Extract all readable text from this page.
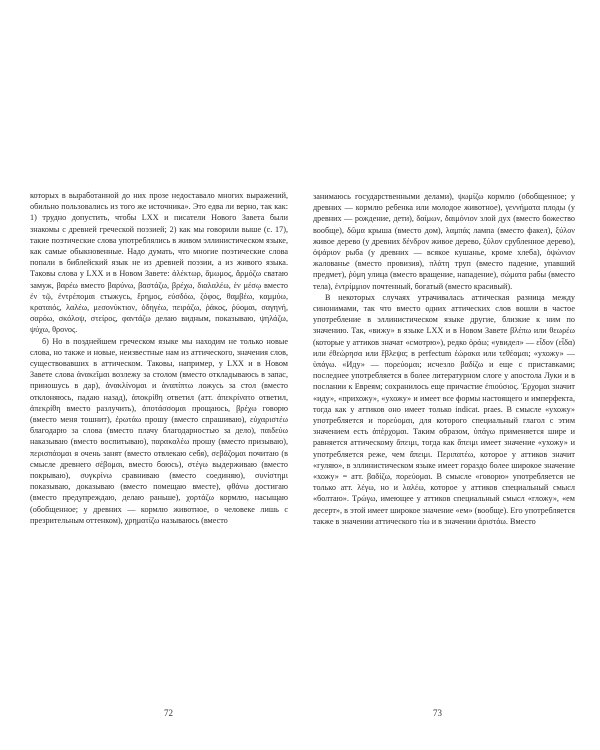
которых в выработанной до них прозе недоставало многих выражений, обильно пользовались из того же источника». Это едва ли верно, так как: 1) трудно допустить, чтобы LXX и писатели Нового Завета были знакомы с древней греческой поэзией; 2) как мы говорили выше (с. 17), такие поэтические слова употреблялись в живом эллинистическом языке, как самые обыкновенные. Надо думать, что многие поэтические слова попали в библейский язык не из древней поэзии, а из живого языка. Таковы слова у LXX и в Новом Завете: ἀλέκτωρ, ἄμωμος, ἄρμόζω сватаю замуж, βαρέω вместо βαρύνω, βαστάζω, βρέχω, διαλαλέω, ἐν μέσῳ вместо ἐν τῷ, ἐντρέπομαι стыжусь, ἔρημος, εὐσδόω, ζόφος, θαμβέω, καμμύω, κραταιός, λαλέω, μεσονύκτιον, ὀδηγέω, πειράζω, ῥάκος, ῥύομαι, σαγηνή, σαρόω, σκόλοψ, στείρος, φαντάζω делаю видным, показываю, ψηλάζω, ψύχω, θρονος.

б) Но в позднейшем греческом языке мы находим не только новые слова, но также и новые, неизвестные нам из аттического, значения слов, существовавших в аттическом. Таковы, например, у LXX и в Новом Завете слова ἀνακεῖμαι возлежу за столом (вместо откладываюсь в запас, приношусь в дар), ἀνακλίνομαι и ἀναπίπτω ложусь за стол (вместо отклоняюсь, падаю назад), ἀποκρίθη ответил (атт. ἀπεκρίνατο ответил, ἀπεκρίθη вместо разлучить), ἀποτάσσομαι прощаюсь, βρέχω говорю (вместо меня тошнит), ἐρωτάω прошу (вместо спрашиваю), εὐχαριστέω благодарю за слова (вместо плачу благодарностью за дело), παιδεύω наказываю (вместо воспитываю), παρακαλέω прошу (вместо призываю), περισπάομαι я очень занят (вместо отвлекаю себя), σεβάζομαι почитаю (в смысле древнего σέβομαι, вместо боюсь), στέγω выдерживаю (вместо покрываю), συγκρίνω сравниваю (вместо соединяю), συνίστημι показываю, доказываю (вместо помещаю вместе), φθάνω достигаю (вместо предупреждаю, делаю раньше), χορτάζω кормлю, насыщаю (обобщенное; у древних — кормлю животное, о человеке лишь с презрительным оттенком), χρηματίζω называюсь (вместо

72

занимаюсь государственными делами), ψωμίζω кормлю (обобщенное; у древних — кормлю ребенка или молодое животное), γεννήματα плоды (у древних — рождение, дети), δαίμων, δαιμόνιον злой дух (вместо божество вообще), δῶμα крыша (вместо дом), λαμπάς лампа (вместо факел), ξύλον живое дерево (у древних δένδρον живое дерево, ξύλον срубленное дерево), ὀψάριον рыба (у древних — всякое кушанье, кроме хлеба), ὀψώνιον жалованье (вместо провизия), πλάτη труп (вместо падение, упавший предмет), ῥύμη улица (вместо вращение, нападение), σώματα рабы (вместо тела), ἐντρίμμιον почтенный, богатый (вместо красивый).

В некоторых случаях утрачивалась аттическая разница между синонимами, так что вместо одних аттических слов вошли в частое употребление в эллинистическом языке другие, близкие к ним по значению. Так, «вижу» в языке LXX и в Новом Завете βλέπω или θεωρέω (которые у аттиков значат «смотрю»), редко ὁράω; «увидел» — εἶδον (εἶδα) или ἐθεώρησα или ἔβλεψα; в perfectum ἑώρακα или τεθέαμαι; «ухожу» — ὑπάγω. «Иду» — πορεύομαι; исчезло βαδίζω и еще с приставками; последнее употребляется в более литературном слоге у апостола Луки и в послании к Евреям; сохранилось еще причастие ἐπιούσιος. Ἐρχομαι значит «иду», «прихожу», «ухожу» и имеет все формы настоящего и имперфекта, тогда как у аттиков оно имеет только indicat. praes. В смысле «ухожу» употребляется и πορεύομαι, для которого специальный глагол с этим значением есть ἀπέρχομαι. Таким образом, ὑπάγω применяется шире и равняется аттическому ἄπειμι, тогда как ἄπειμι имеет значение «ухожу» и употребляется реже, чем ἄπειμι. Περιπατέω, которое у аттиков значит «гуляю», в эллинистическом языке имеет гораздо более широкое значение «хожу» = атт. βαδίζω, πορεύομαι. В смысле «говорю» употребляется не только атт. λέγω, но и λαλέω, которое у аттиков специальный смысл «болтаю». Τρώγω, имеющее у аттиков специальный смысл «гложу», «ем десерт», в этой имеет широкое значение «ем» (вообще). Его употребляется также в значении аттического τίω и в значении ἀριστάω. Вместо

73
